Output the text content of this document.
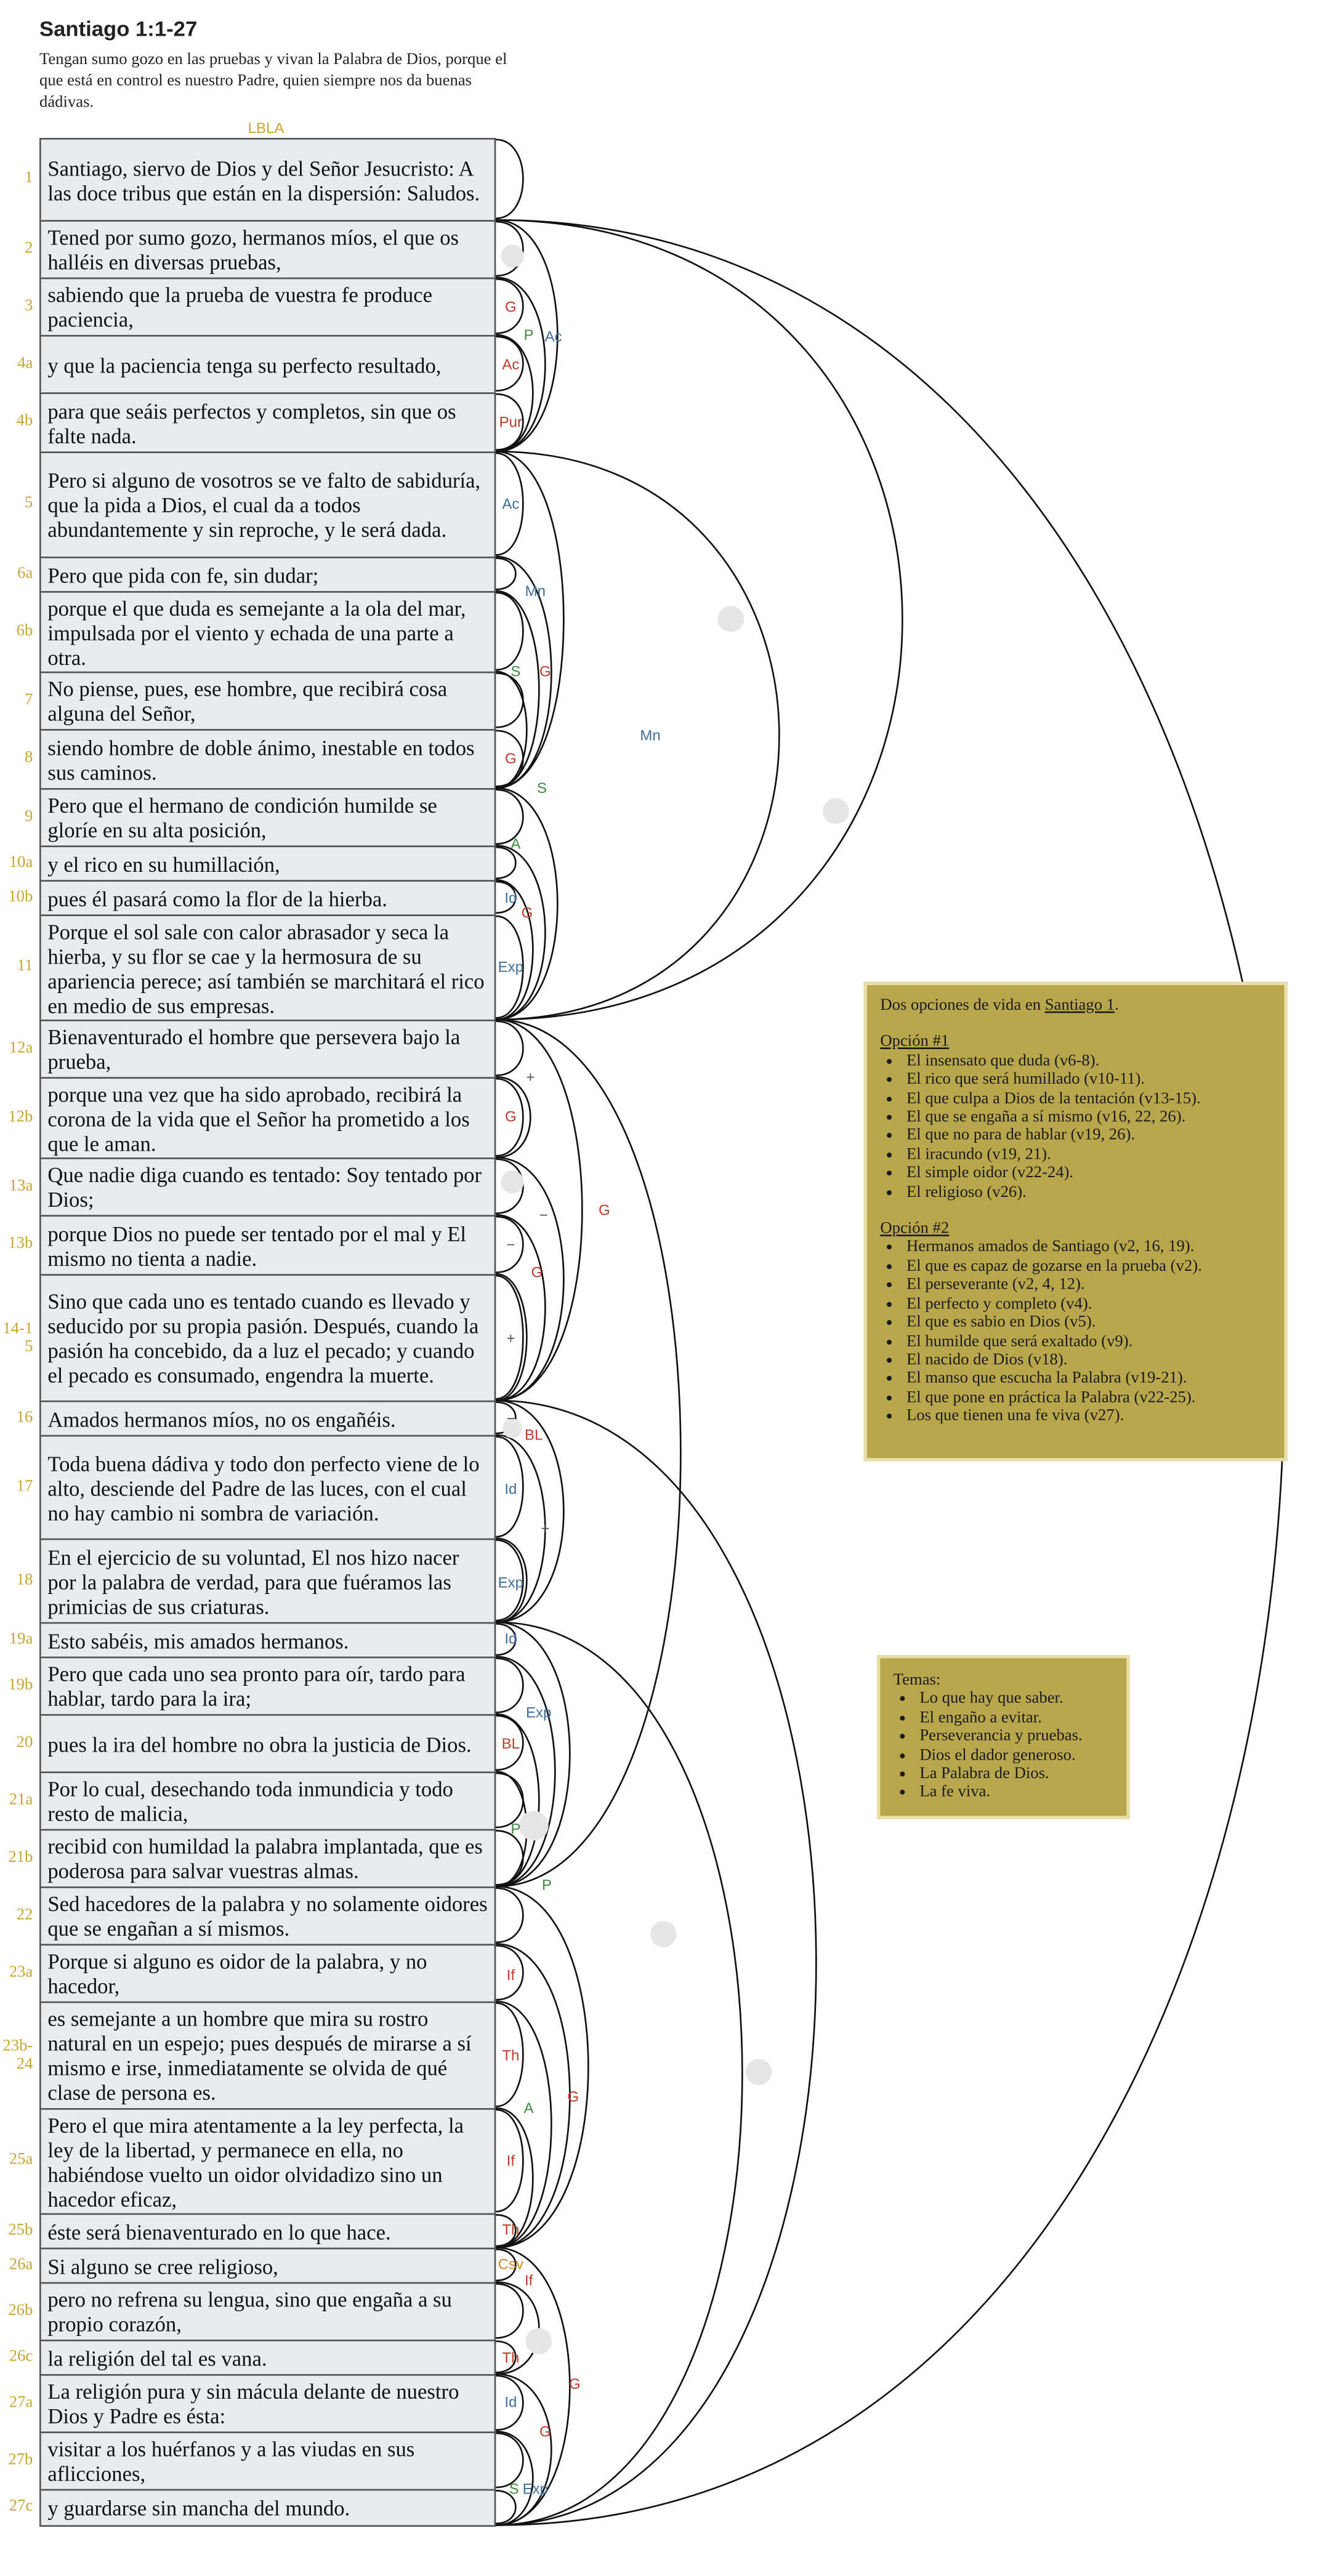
Santiago 1:1-27
Tengan sumo gozo en las pruebas y vivan la Palabra de Dios, porque el que está en control es nuestro Padre, quien siempre nos da buenas dádivas.
LBLA
1	Santiago, siervo de Dios y del Señor Jesucristo: A las doce tribus que están en la dispersión: Saludos.
2	Tened por sumo gozo, hermanos míos, el que os halléis en diversas pruebas,
3	sabiendo que la prueba de vuestra fe produce paciencia,
4a	y que la paciencia tenga su perfecto resultado,
4b	para que seáis perfectos y completos, sin que os falte nada.
5
Pero si alguno de vosotros se ve falto de sabiduría, que la pida a Dios, el cual da a todos abundantemente y sin reproche, y le será dada.
6a	Pero que pida con fe, sin dudar;
6b
porque el que duda es semejante a la ola del mar, impulsada por el viento y echada de una parte a otra.
7	No piense, pues, ese hombre, que recibirá cosa alguna del Señor,
8	siendo hombre de doble ánimo, inestable en todos sus caminos.
9	Pero que el hermano de condición humilde se gloríe en su alta posición,
10a	y el rico en su humillación,
10b	pues él pasará como la flor de la hierba.
11
Porque el sol sale con calor abrasador y seca la hierba, y su flor se cae y la hermosura de su apariencia perece; así también se marchitará el rico en medio de sus empresas.
12a	Bienaventurado el hombre que persevera bajo la prueba,
12b
porque una vez que ha sido aprobado, recibirá la corona de la vida que el Señor ha prometido a los que le aman.
13a	Que nadie diga cuando es tentado: Soy tentado por Dios;
13b	porque Dios no puede ser tentado por el mal y El mismo no tienta a nadie.
14-15
Sino que cada uno es tentado cuando es llevado y seducido por su propia pasión. Después, cuando la pasión ha concebido, da a luz el pecado; y cuando el pecado es consumado, engendra la muerte.
16	Amados hermanos míos, no os engañéis.
17
Toda buena dádiva y todo don perfecto viene de lo alto, desciende del Padre de las luces, con el cual no hay cambio ni sombra de variación.
18
En el ejercicio de su voluntad, El nos hizo nacer por la palabra de verdad, para que fuéramos las primicias de sus criaturas.
19a	Esto sabéis, mis amados hermanos.
19b	Pero que cada uno sea pronto para oír, tardo para hablar, tardo para la ira;
20	pues la ira del hombre no obra la justicia de Dios.
21a	Por lo cual, desechando toda inmundicia y todo resto de malicia,
21b	recibid con humildad la palabra implantada, que es poderosa para salvar vuestras almas.
22	Sed hacedores de la palabra y no solamente oidores que se engañan a sí mismos.
23a	Porque si alguno es oidor de la palabra, y no hacedor,
23b-24
es semejante a un hombre que mira su rostro natural en un espejo; pues después de mirarse a sí mismo e irse, inmediatamente se olvida de qué clase de persona es.
25a
Pero el que mira atentamente a la ley perfecta, la ley de la libertad, y permanece en ella, no habiéndose vuelto un oidor olvidadizo sino un hacedor eficaz,
25b	éste será bienaventurado en lo que hace.
26a	Si alguno se cree religioso,
26b	pero no refrena su lengua, sino que engaña a su propio corazón,
26c	la religión del tal es vana.
27a	La religión pura y sin mácula delante de nuestro Dios y Padre es ésta:
27b	visitar a los huérfanos y a las viudas en sus aflicciones,
27c	y guardarse sin mancha del mundo.
P Ac
G
Ac
Pur
Ac
Mn
S	G
G
Mn
S
A
Id
G
Exp
+
G
−	G
−
G
+
−
BL
Id
+
Exp
Id
Exp
BL
P
P
If
Th
G
A
If
Th
Csv
If
Th
G
Id
G
S Exp
Dos opciones de vida en Santiago 1.
Opción #1
• El insensato que duda (v6-8).
• El rico que será humillado (v10-11).
• El que culpa a Dios de la tentación (v13-15).
• El que se engaña a sí mismo (v16, 22, 26).
• El que no para de hablar (v19, 26).
• El iracundo (v19, 21).
• El simple oidor (v22-24).
• El religioso (v26).
Opción #2
• Hermanos amados de Santiago (v2, 16, 19).
• El que es capaz de gozarse en la prueba (v2).
• El perseverante (v2, 4, 12).
• El perfecto y completo (v4).
• El que es sabio en Dios (v5).
• El humilde que será exaltado (v9).
• El nacido de Dios (v18).
• El manso que escucha la Palabra (v19-21).
• El que pone en práctica la Palabra (v22-25).
• Los que tienen una fe viva (v27).
Temas:
• Lo que hay que saber.
• El engaño a evitar.
• Perseverancia y pruebas.
• Dios el dador generoso.
• La Palabra de Dios.
• La fe viva.
